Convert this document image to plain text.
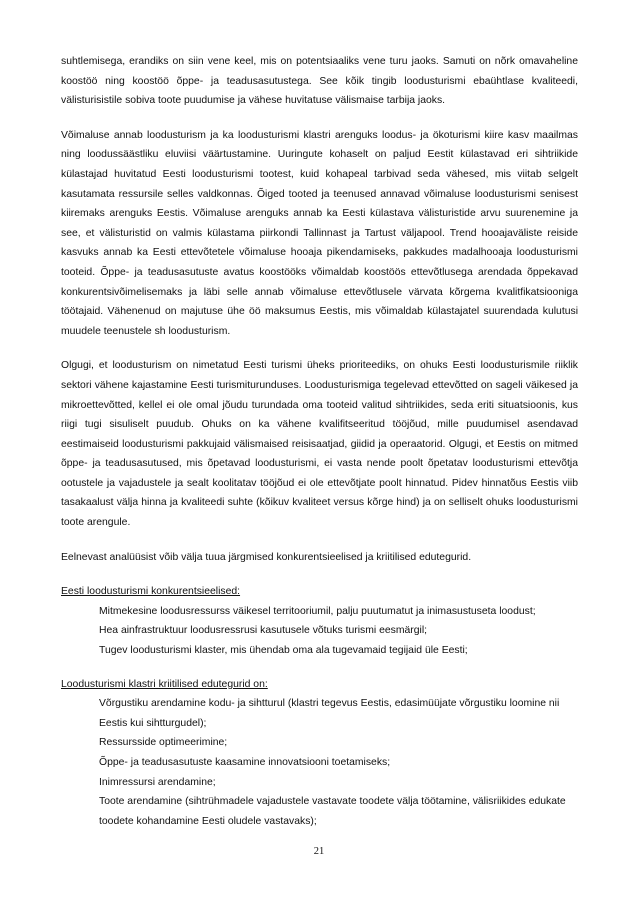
suhtlemisega, erandiks on siin vene keel, mis on potentsiaaliks vene turu jaoks. Samuti on nõrk omavaheline koostöö ning koostöö õppe- ja teadusasutustega. See kõik tingib loodusturismi ebaühtlase kvaliteedi, välisturisistile sobiva toote puudumise ja vähese huvitatuse välismaise tarbija jaoks.

Võimaluse annab loodusturism ja ka loodusturismi klastri arenguks loodus- ja ökoturismi kiire kasv maailmas ning loodussäästliku eluviisi väärtustamine. Uuringute kohaselt on paljud Eestit külastavad eri sihtriikide külastajad huvitatud Eesti loodusturismi tootest, kuid kohapeal tarbivad seda vähesed, mis viitab selgelt kasutamata ressursile selles valdkonnas. Õiged tooted ja teenused annavad võimaluse loodusturismi senisest kiiremaks arenguks Eestis. Võimaluse arenguks annab ka Eesti külastava välisturistide arvu suurenemine ja see, et välisturistid on valmis külastama piirkondi Tallinnast ja Tartust väljapool. Trend hooajaväliste reiside kasvuks annab ka Eesti ettevõtetele võimaluse hooaja pikendamiseks, pakkudes madalhooaja loodusturismi tooteid. Õppe- ja teadusasutuste avatus koostööks võimaldab koostöös ettevõtlusega arendada õppekavad konkurentsivõimelisemaks ja läbi selle annab võimaluse ettevõtlusele värvata kõrgema kvalitfikatsiooniga töötajaid. Vähenenud on majutuse ühe öö maksumus Eestis, mis võimaldab külastajatel suurendada kulutusi muudele teenustele sh loodusturism.

Olgugi, et loodusturism on nimetatud Eesti turismi üheks prioriteediks, on ohuks Eesti loodusturismile riiklik sektori vähene kajastamine Eesti turismiturunduses. Loodusturismiga tegelevad ettevõtted on sageli väikesed ja mikroettevõtted, kellel ei ole omal jõudu turundada oma tooteid valitud sihtriikides, seda eriti situatsioonis, kus riigi tugi sisuliselt puudub. Ohuks on ka vähene kvalifitseeritud tööjõud, mille puudumisel asendavad eestimaiseid loodusturismi pakkujaid välismaised reisisaatjad, giidid ja operaatorid. Olgugi, et Eestis on mitmed õppe- ja teadusasutused, mis õpetavad loodusturismi, ei vasta nende poolt õpetatav loodusturismi ettevõtja ootustele ja vajadustele ja sealt koolitatav tööjõud ei ole ettevõtjate poolt hinnatud. Pidev hinnatõus Eestis viib tasakaalust välja hinna ja kvaliteedi suhte (kõikuv kvaliteet versus kõrge hind) ja on selliselt ohuks loodusturismi toote arengule.

Eelnevast analüüsist võib välja tuua järgmised konkurentsieelised ja kriitilised edutegurid.

Eesti loodusturismi konkurentsieelised:
Mitmekesine loodusressurss väikesel territooriumil, palju puutumatut ja inimasustuseta loodust;
Hea ainfrastruktuur loodusressrusi kasutusele võtuks turismi eesmärgil;
Tugev loodusturismi klaster, mis ühendab oma ala tugevamaid tegijaid üle Eesti;
Loodusturismi klastri kriitilised edutegurid on:
Võrgustiku arendamine kodu- ja sihtturul (klastri tegevus Eestis, edasimüüjate võrgustiku loomine nii Eestis kui sihtturgudel);
Ressursside optimeerimine;
Õppe- ja teadusasutuste kaasamine innovatsiooni toetamiseks;
Inimressursi arendamine;
Toote arendamine (sihtrühmadele vajadustele vastavate toodete välja töötamine, välisriikides edukate toodete kohandamine Eesti oludele vastavaks);
21
